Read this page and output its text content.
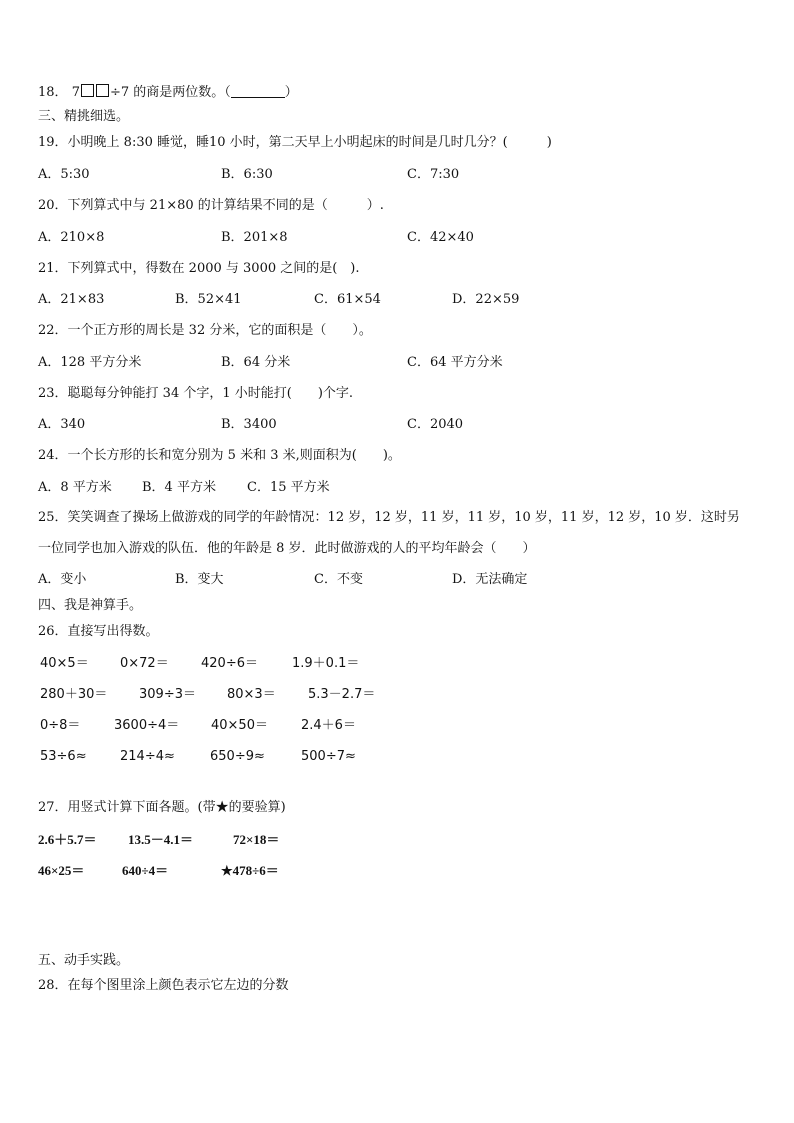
18． 7 ÷7 的商是两位数。（	）
三、精挑细选。
19．小明晚上 8:30 睡觉，睡10 小时，第二天早上小明起床的时间是几时几分？(　　　)
A．5:30	B．6:30	C．7:30
20．下列算式中与 21×80 的计算结果不同的是（　　　）.
A．210×8	B．201×8	C．42×40
21．下列算式中，得数在 2000 与 3000 之间的是(　).
A．21×83	B．52×41	C．61×54	D．22×59
22．一个正方形的周长是 32 分米，它的面积是（　　）。
A．128 平方分米	B．64 分米	C．64 平方分米
23．聪聪每分钟能打 34 个字，1 小时能打(　　)个字.
A．340	B．3400	C．2040
24．一个长方形的长和宽分别为 5 米和 3 米,则面积为(　　)。
A．8 平方米 B．4 平方米 C．15 平方米
25．笑笑调查了操场上做游戏的同学的年龄情况：12 岁，12 岁，11 岁，11 岁，10 岁，11 岁，12 岁，10 岁．这时另
一位同学也加入游戏的队伍．他的年龄是 8 岁．此时做游戏的人的平均年龄会（　　）
A．变小	B．变大	C．不变	D．无法确定
四、我是神算手。
26．直接写出得数。
40×5＝ 0×72＝ 420÷6＝	1.9＋0.1＝
280＋30＝ 309÷3＝ 80×3＝ 5.3－2.7＝
0÷8＝	3600÷4＝ 40×50＝	2.4＋6＝
53÷6≈	214÷4≈	650÷9≈	500÷7≈
27．用竖式计算下面各题。(带★的要验算)
2.6＋5.7＝ 13.5－4.1＝	72×18＝
46×25＝	640÷4＝	★478÷6＝
五、动手实践。
28．在每个图里涂上颜色表示它左边的分数
